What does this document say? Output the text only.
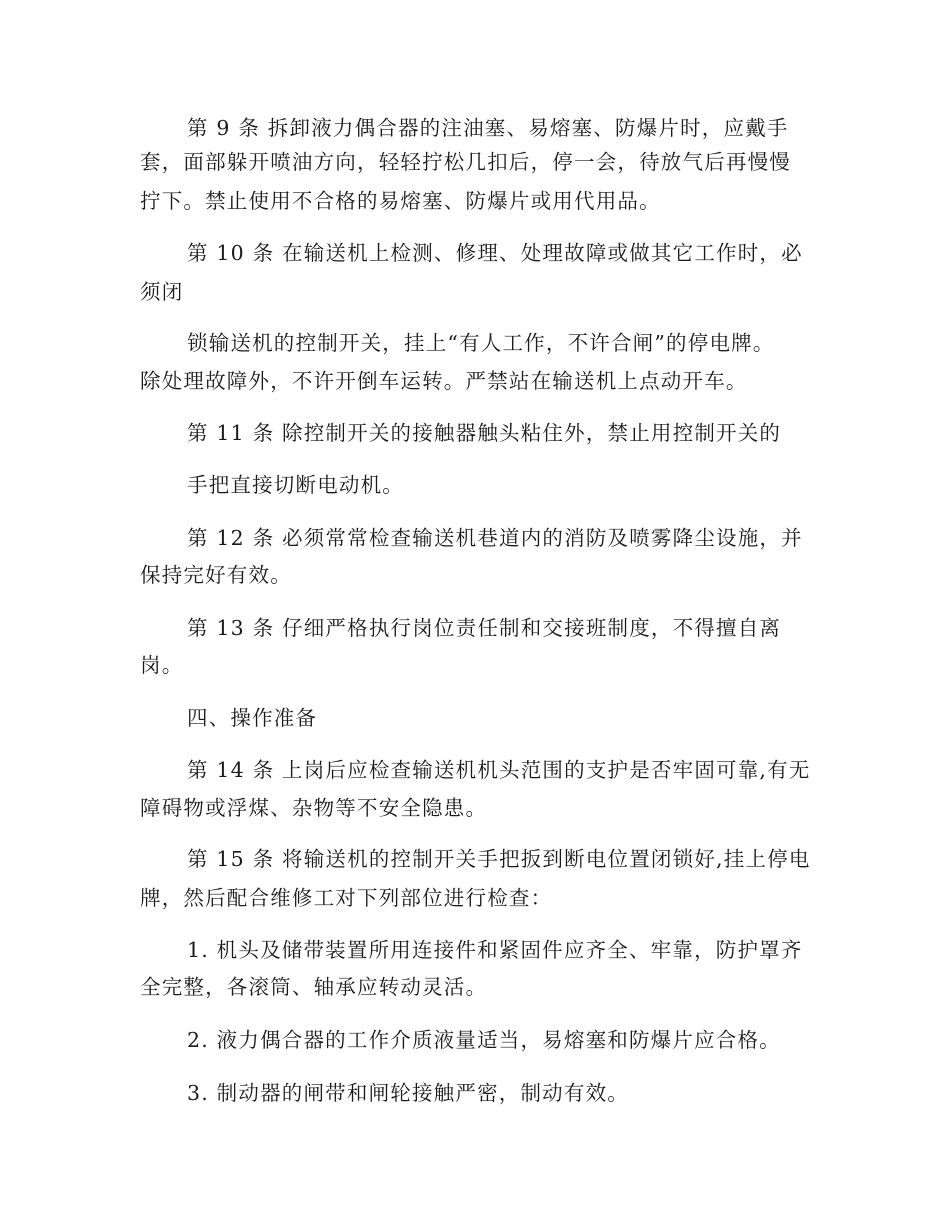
第 9 条 拆卸液力偶合器的注油塞、易熔塞、防爆片时，应戴手
套，面部躲开喷油方向，轻轻拧松几扣后，停一会，待放气后再慢慢
拧下。禁止使用不合格的易熔塞、防爆片或用代用品。
第 10 条 在输送机上检测、修理、处理故障或做其它工作时，必
须闭
锁输送机的控制开关，挂上“有人工作，不许合闸”的停电牌。
除处理故障外，不许开倒车运转。严禁站在输送机上点动开车。
第 11 条 除控制开关的接触器触头粘住外，禁止用控制开关的
手把直接切断电动机。
第 12 条 必须常常检查输送机巷道内的消防及喷雾降尘设施，并
保持完好有效。
第 13 条 仔细严格执行岗位责任制和交接班制度，不得擅自离
岗。
四、操作准备
第 14 条 上岗后应检查输送机机头范围的支护是否牢固可靠,有无
障碍物或浮煤、杂物等不安全隐患。
第 15 条 将输送机的控制开关手把扳到断电位置闭锁好,挂上停电
牌，然后配合维修工对下列部位进行检查：
1. 机头及储带装置所用连接件和紧固件应齐全、牢靠，防护罩齐
全完整，各滚筒、轴承应转动灵活。
2. 液力偶合器的工作介质液量适当，易熔塞和防爆片应合格。
3. 制动器的闸带和闸轮接触严密，制动有效。
